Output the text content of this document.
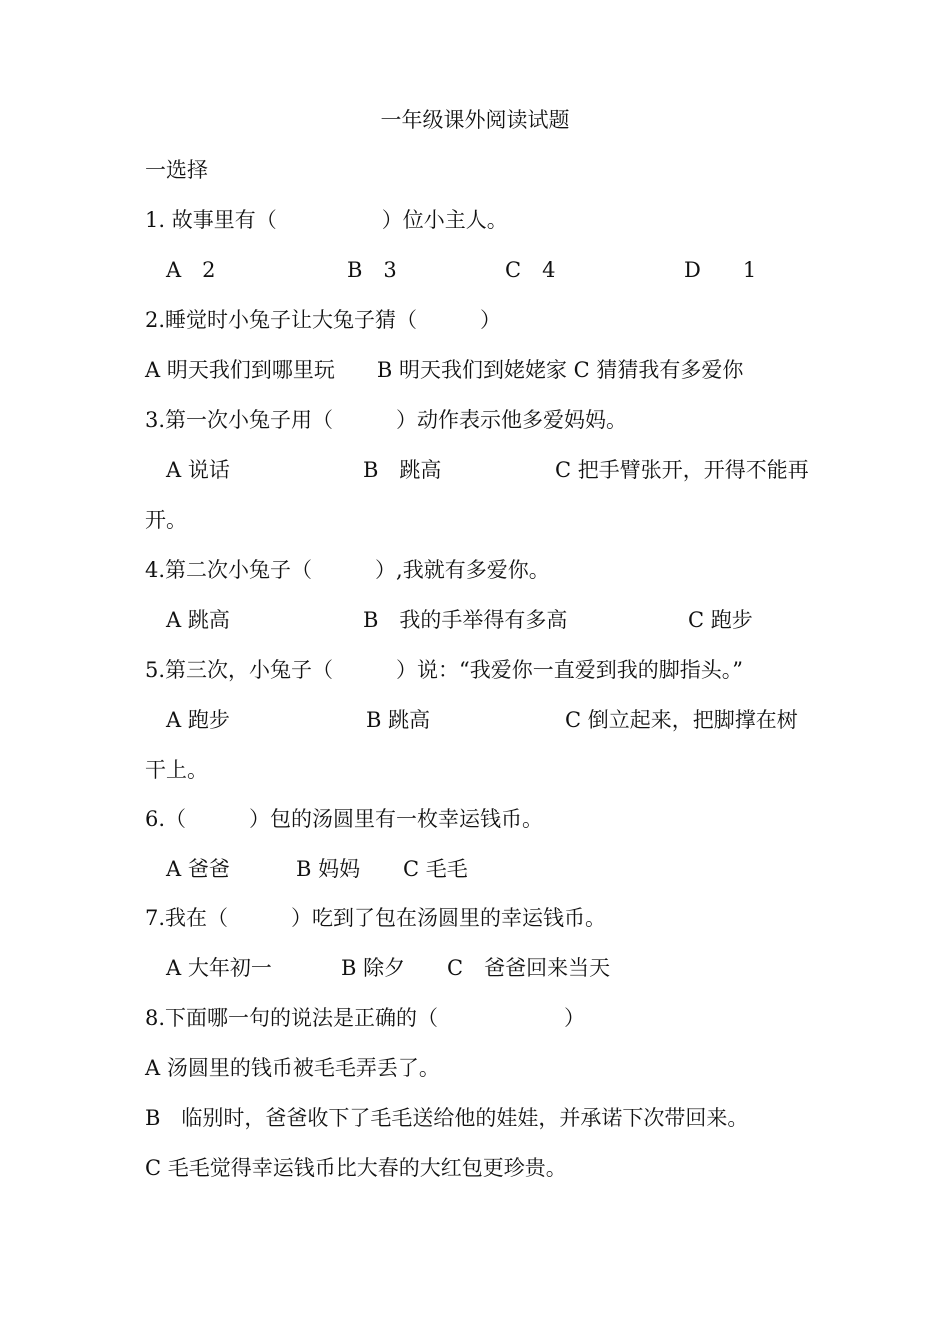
一年级课外阅读试题
一选择
1. 故事里有（　　　　　）位小主人。
A　2	B　3	C　4	D　　1
2.睡觉时小兔子让大兔子猜（　　　）
A 明天我们到哪里玩　　B 明天我们到姥姥家 C 猜猜我有多爱你
3.第一次小兔子用（　　　）动作表示他多爱妈妈。
A 说话	B　跳高	C 把手臂张开，开得不能再
开。
4.第二次小兔子（　　　）,我就有多爱你。
A 跳高	B　我的手举得有多高	C 跑步
5.第三次，小兔子（　　　）说：“我爱你一直爱到我的脚指头。”
A 跑步	B 跳高	C 倒立起来，把脚撑在树
干上。
6.（　　　）包的汤圆里有一枚幸运钱币。
A 爸爸	B 妈妈 C 毛毛
7.我在（　　　）吃到了包在汤圆里的幸运钱币。
A 大年初一	B 除夕 C　爸爸回来当天
8.下面哪一句的说法是正确的（　　　　　　）
A 汤圆里的钱币被毛毛弄丢了。
B　临别时，爸爸收下了毛毛送给他的娃娃，并承诺下次带回来。
C 毛毛觉得幸运钱币比大春的大红包更珍贵。
